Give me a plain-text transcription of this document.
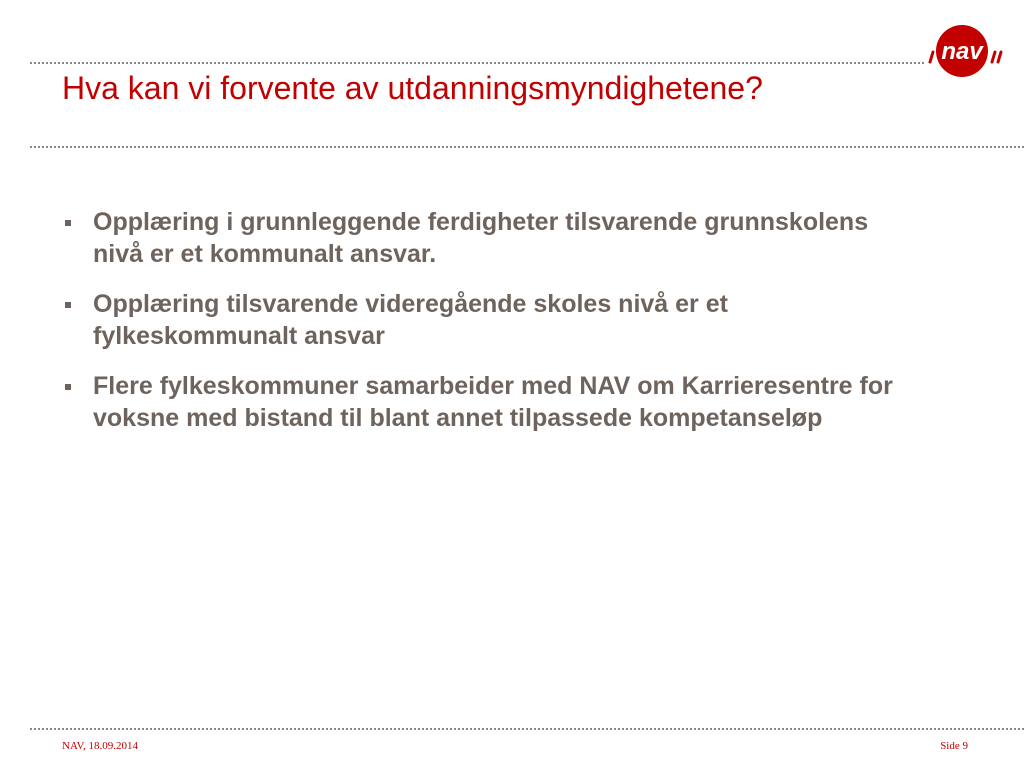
nav
Hva kan vi forvente av utdanningsmyndighetene?
Opplæring i grunnleggende ferdigheter tilsvarende grunnskolens nivå er et kommunalt ansvar.
Opplæring tilsvarende videregående skoles nivå er et fylkeskommunalt ansvar
Flere fylkeskommuner samarbeider med NAV om Karrieresentre for voksne med bistand til blant annet tilpassede kompetanseløp
NAV, 18.09.2014	Side 9
